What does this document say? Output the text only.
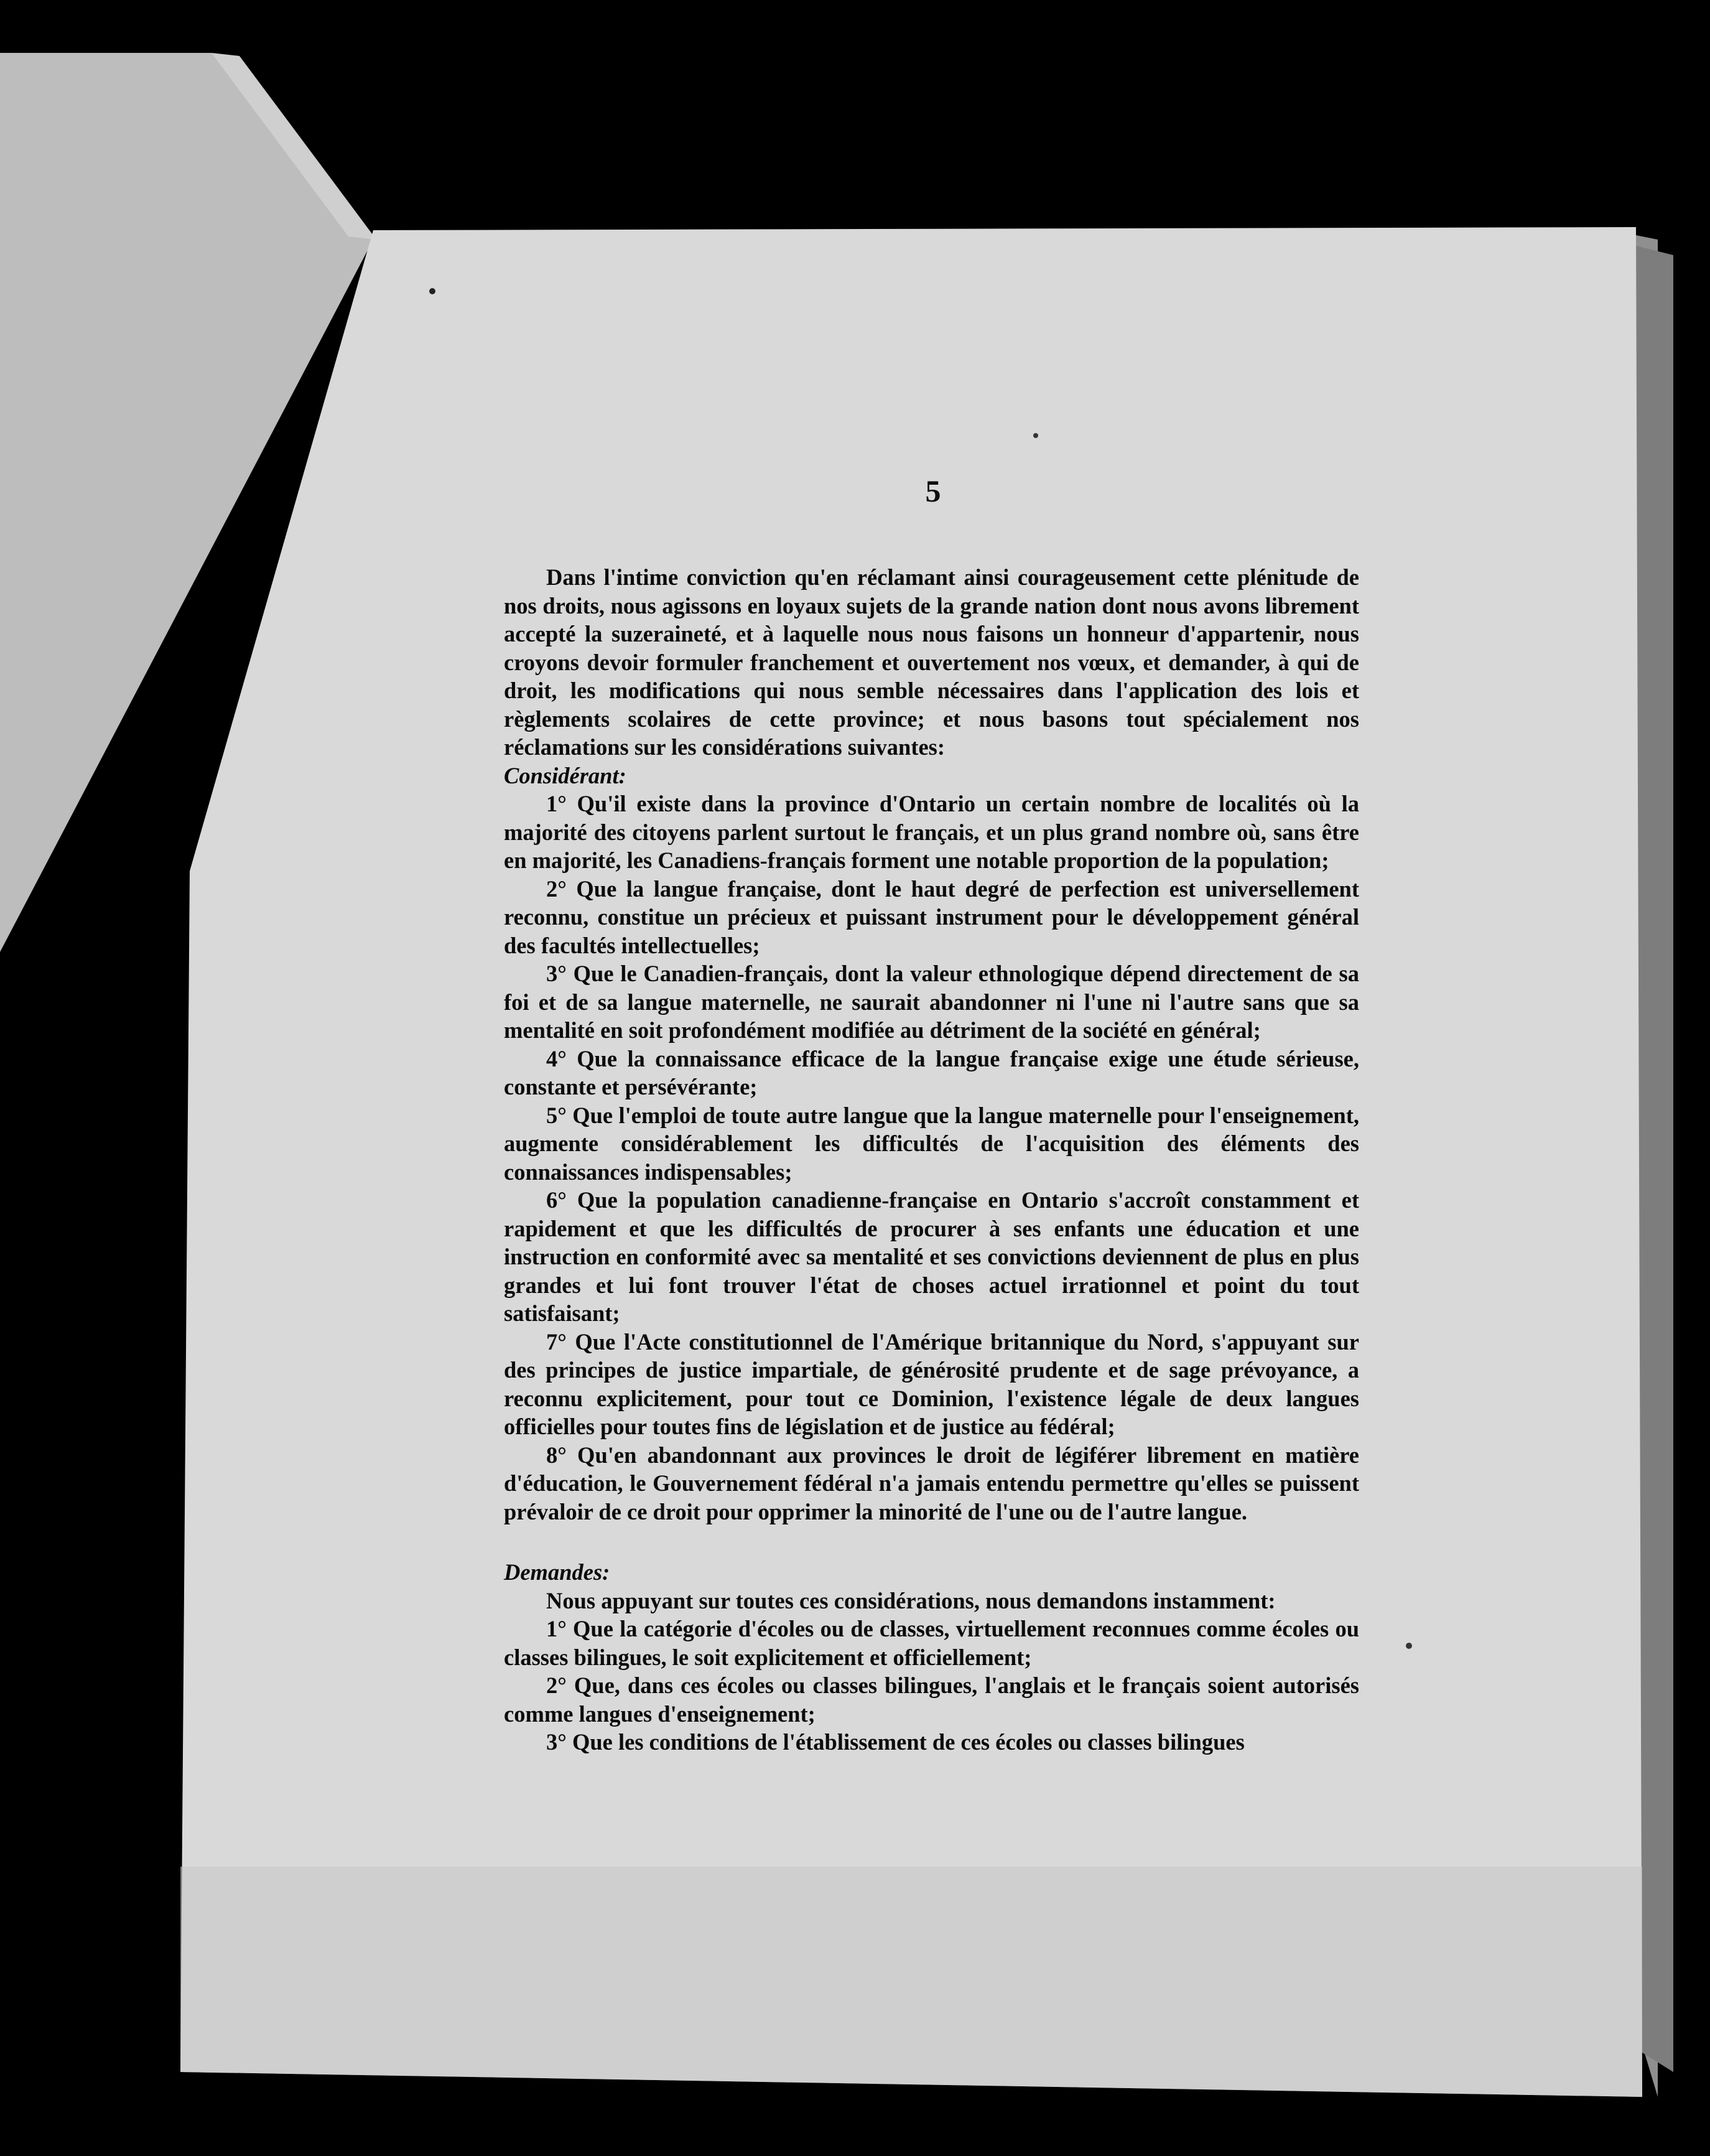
5

Dans l'intime conviction qu'en réclamant ainsi courageusement cette plénitude de nos droits, nous agissons en loyaux sujets de la grande nation dont nous avons librement accepté la suzeraineté, et à laquelle nous nous faisons un honneur d'appartenir, nous croyons devoir formuler franchement et ouvertement nos vœux, et demander, à qui de droit, les modifications qui nous semble nécessaires dans l'application des lois et règlements scolaires de cette province; et nous basons tout spécialement nos réclamations sur les considérations suivantes:

Considérant:

1° Qu'il existe dans la province d'Ontario un certain nombre de localités où la majorité des citoyens parlent surtout le français, et un plus grand nombre où, sans être en majorité, les Canadiens-français forment une notable proportion de la population;

2° Que la langue française, dont le haut degré de perfection est universellement reconnu, constitue un précieux et puissant instrument pour le développement général des facultés intellectuelles;

3° Que le Canadien-français, dont la valeur ethnologique dépend directement de sa foi et de sa langue maternelle, ne saurait abandonner ni l'une ni l'autre sans que sa mentalité en soit profondément modifiée au détriment de la société en général;

4° Que la connaissance efficace de la langue française exige une étude sérieuse, constante et persévérante;

5° Que l'emploi de toute autre langue que la langue maternelle pour l'enseignement, augmente considérablement les difficultés de l'acquisition des éléments des connaissances indispensables;

6° Que la population canadienne-française en Ontario s'accroît constamment et rapidement et que les difficultés de procurer à ses enfants une éducation et une instruction en conformité avec sa mentalité et ses convictions deviennent de plus en plus grandes et lui font trouver l'état de choses actuel irrationnel et point du tout satisfaisant;

7° Que l'Acte constitutionnel de l'Amérique britannique du Nord, s'appuyant sur des principes de justice impartiale, de générosité prudente et de sage prévoyance, a reconnu explicitement, pour tout ce Dominion, l'existence légale de deux langues officielles pour toutes fins de législation et de justice au fédéral;

8° Qu'en abandonnant aux provinces le droit de légiférer librement en matière d'éducation, le Gouvernement fédéral n'a jamais entendu permettre qu'elles se puissent prévaloir de ce droit pour opprimer la minorité de l'une ou de l'autre langue.

Demandes:

Nous appuyant sur toutes ces considérations, nous demandons instamment:

1° Que la catégorie d'écoles ou de classes, virtuellement reconnues comme écoles ou classes bilingues, le soit explicitement et officiellement;

2° Que, dans ces écoles ou classes bilingues, l'anglais et le français soient autorisés comme langues d'enseignement;

3° Que les conditions de l'établissement de ces écoles ou classes bilingues
